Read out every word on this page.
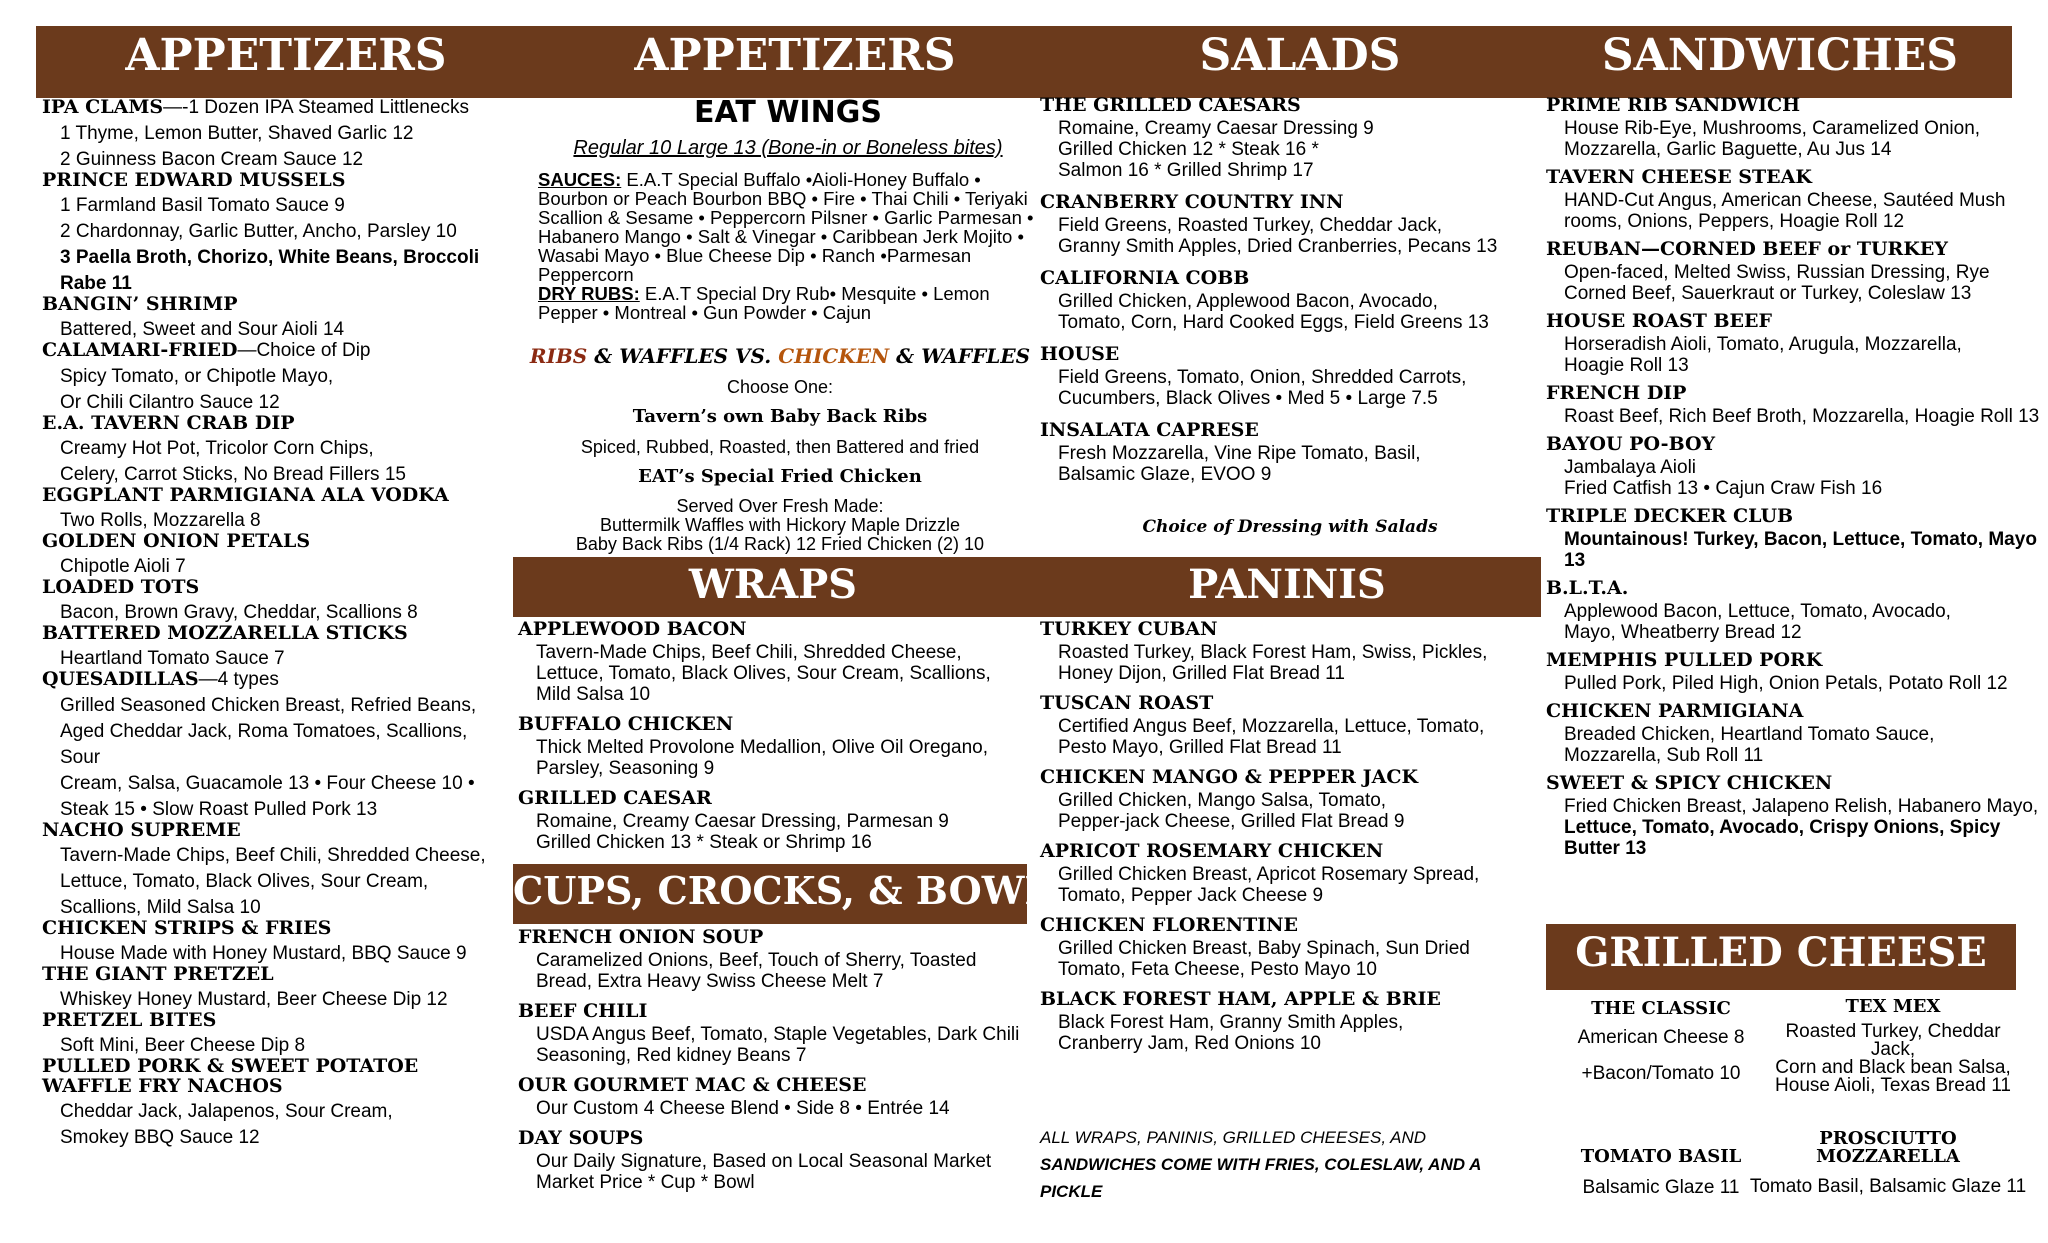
APPETIZERS	APPETIZERS	SALADS	SANDWICHES
IPA CLAMS—-1 Dozen IPA Steamed Littlenecks
1 Thyme, Lemon Butter, Shaved Garlic 12
2 Guinness Bacon Cream Sauce 12
PRINCE EDWARD MUSSELS
1 Farmland Basil Tomato Sauce 9
2 Chardonnay, Garlic Butter, Ancho, Parsley 10
3 Paella Broth, Chorizo, White Beans, Broccoli Rabe 11
BANGIN’ SHRIMP
Battered, Sweet and Sour Aioli 14
CALAMARI-FRIED—Choice of Dip
Spicy Tomato, or Chipotle Mayo,
Or Chili Cilantro Sauce 12
E.A. TAVERN CRAB DIP
Creamy Hot Pot, Tricolor Corn Chips,
Celery, Carrot Sticks, No Bread Fillers 15
EGGPLANT PARMIGIANA ALA VODKA
Two Rolls, Mozzarella 8
GOLDEN ONION PETALS
Chipotle Aioli 7
LOADED TOTS
Bacon, Brown Gravy, Cheddar, Scallions 8
BATTERED MOZZARELLA STICKS
Heartland Tomato Sauce 7
QUESADILLAS—4 types
Grilled Seasoned Chicken Breast, Refried Beans,
Aged Cheddar Jack, Roma Tomatoes, Scallions, Sour
Cream, Salsa, Guacamole 13 • Four Cheese 10 •
Steak 15 • Slow Roast Pulled Pork 13
NACHO SUPREME
Tavern-Made Chips, Beef Chili, Shredded Cheese,
Lettuce, Tomato, Black Olives, Sour Cream,
Scallions, Mild Salsa 10
CHICKEN STRIPS & FRIES
House Made with Honey Mustard, BBQ Sauce 9
THE GIANT PRETZEL
Whiskey Honey Mustard, Beer Cheese Dip 12
PRETZEL BITES
Soft Mini, Beer Cheese Dip 8
PULLED PORK & SWEET POTATOE
WAFFLE FRY NACHOS
Cheddar Jack, Jalapenos, Sour Cream,
Smokey BBQ Sauce 12
EAT WINGS
Regular 10 Large 13 (Bone-in or Boneless bites)
SAUCES: E.A.T Special Buffalo •Aioli-Honey Buffalo • Bourbon or Peach Bourbon BBQ • Fire • Thai Chili • Teriyaki Scallion & Sesame • Peppercorn Pilsner • Garlic Parmesan • Habanero Mango • Salt & Vinegar • Caribbean Jerk Mojito • Wasabi Mayo • Blue Cheese Dip • Ranch •Parmesan Peppercorn
DRY RUBS: E.A.T Special Dry Rub• Mesquite • Lemon Pepper • Montreal • Gun Powder • Cajun
RIBS & WAFFLES VS. CHICKEN & WAFFLES
Choose One:
Tavern’s own Baby Back Ribs
Spiced, Rubbed, Roasted, then Battered and fried
EAT’s Special Fried Chicken
Served Over Fresh Made:
Buttermilk Waffles with Hickory Maple Drizzle
Baby Back Ribs (1/4 Rack) 12 Fried Chicken (2) 10
THE GRILLED CAESARS
Romaine, Creamy Caesar Dressing 9
Grilled Chicken 12 * Steak 16 *
Salmon 16 * Grilled Shrimp 17
CRANBERRY COUNTRY INN
Field Greens, Roasted Turkey, Cheddar Jack,
Granny Smith Apples, Dried Cranberries, Pecans 13
CALIFORNIA COBB
Grilled Chicken, Applewood Bacon, Avocado,
Tomato, Corn, Hard Cooked Eggs, Field Greens 13
HOUSE
Field Greens, Tomato, Onion, Shredded Carrots,
Cucumbers, Black Olives • Med 5 • Large 7.5
INSALATA CAPRESE
Fresh Mozzarella, Vine Ripe Tomato, Basil,
Balsamic Glaze, EVOO 9
Choice of Dressing with Salads
PRIME RIB SANDWICH
House Rib-Eye, Mushrooms, Caramelized Onion,
Mozzarella, Garlic Baguette, Au Jus 14
TAVERN CHEESE STEAK
HAND-Cut Angus, American Cheese, Sautéed Mush
rooms, Onions, Peppers, Hoagie Roll 12
REUBAN—CORNED BEEF or TURKEY
Open-faced, Melted Swiss, Russian Dressing, Rye
Corned Beef, Sauerkraut or Turkey, Coleslaw 13
HOUSE ROAST BEEF
Horseradish Aioli, Tomato, Arugula, Mozzarella,
Hoagie Roll 13
FRENCH DIP
Roast Beef, Rich Beef Broth, Mozzarella, Hoagie Roll 13
BAYOU PO-BOY
Jambalaya Aioli
Fried Catfish 13 • Cajun Craw Fish 16
TRIPLE DECKER CLUB
Mountainous! Turkey, Bacon, Lettuce, Tomato, Mayo 13
B.L.T.A.
Applewood Bacon, Lettuce, Tomato, Avocado,
Mayo, Wheatberry Bread 12
MEMPHIS PULLED PORK
Pulled Pork, Piled High, Onion Petals, Potato Roll 12
CHICKEN PARMIGIANA
Breaded Chicken, Heartland Tomato Sauce,
Mozzarella, Sub Roll 11
SWEET & SPICY CHICKEN
Fried Chicken Breast, Jalapeno Relish, Habanero Mayo,
Lettuce, Tomato, Avocado, Crispy Onions, Spicy Butter 13
WRAPS	PANINIS
APPLEWOOD BACON
Tavern-Made Chips, Beef Chili, Shredded Cheese,
Lettuce, Tomato, Black Olives, Sour Cream, Scallions,
Mild Salsa 10
BUFFALO CHICKEN
Thick Melted Provolone Medallion, Olive Oil Oregano,
Parsley, Seasoning 9
GRILLED CAESAR
Romaine, Creamy Caesar Dressing, Parmesan 9
Grilled Chicken 13 * Steak or Shrimp 16
CUPS, CROCKS, & BOWLS
FRENCH ONION SOUP
Caramelized Onions, Beef, Touch of Sherry, Toasted
Bread, Extra Heavy Swiss Cheese Melt 7
BEEF CHILI
USDA Angus Beef, Tomato, Staple Vegetables, Dark Chili
Seasoning, Red kidney Beans 7
OUR GOURMET MAC & CHEESE
Our Custom 4 Cheese Blend • Side 8 • Entrée 14
DAY SOUPS
Our Daily Signature, Based on Local Seasonal Market
Market Price * Cup * Bowl
TURKEY CUBAN
Roasted Turkey, Black Forest Ham, Swiss, Pickles,
Honey Dijon, Grilled Flat Bread 11
TUSCAN ROAST
Certified Angus Beef, Mozzarella, Lettuce, Tomato,
Pesto Mayo, Grilled Flat Bread 11
CHICKEN MANGO & PEPPER JACK
Grilled Chicken, Mango Salsa, Tomato,
Pepper-jack Cheese, Grilled Flat Bread 9
APRICOT ROSEMARY CHICKEN
Grilled Chicken Breast, Apricot Rosemary Spread,
Tomato, Pepper Jack Cheese 9
CHICKEN FLORENTINE
Grilled Chicken Breast, Baby Spinach, Sun Dried
Tomato, Feta Cheese, Pesto Mayo 10
BLACK FOREST HAM, APPLE & BRIE
Black Forest Ham, Granny Smith Apples,
Cranberry Jam, Red Onions 10
ALL WRAPS, PANINIS, GRILLED CHEESES, AND
SANDWICHES COME WITH FRIES, COLESLAW, AND A PICKLE
GRILLED CHEESE
THE CLASSIC
American Cheese 8

+Bacon/Tomato 10
TEX MEX
Roasted Turkey, Cheddar Jack,
Corn and Black bean Salsa,
House Aioli, Texas Bread 11
TOMATO BASIL
Balsamic Glaze 11
PROSCIUTTO
MOZZARELLA
Tomato Basil, Balsamic Glaze 11
